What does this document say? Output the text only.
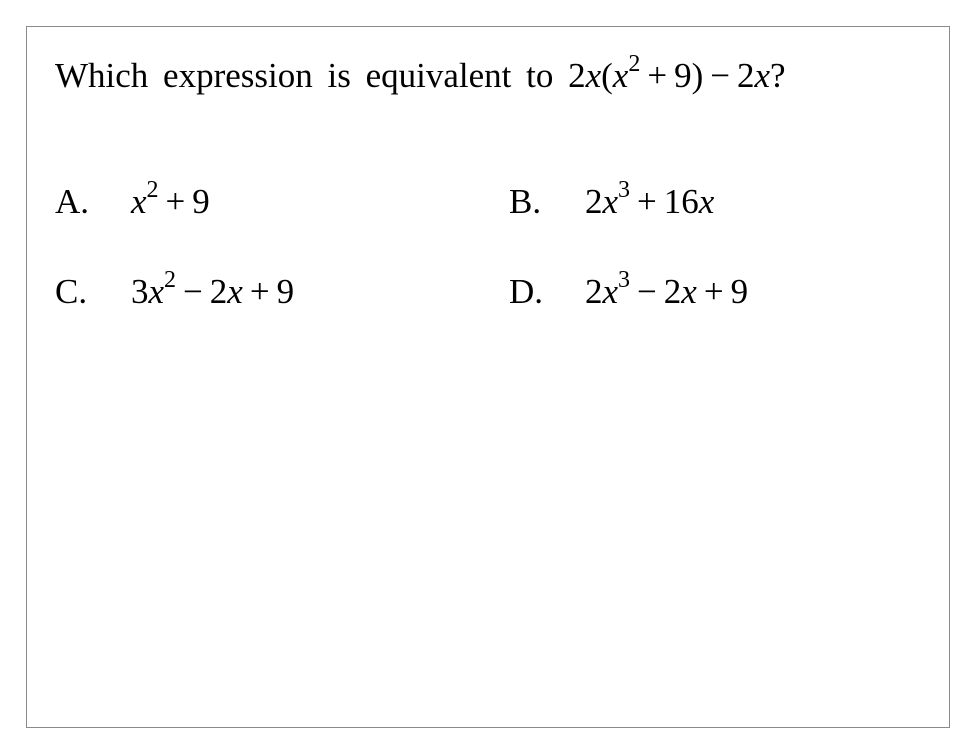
Which expression is equivalent to $2x(x^2 + 9) - 2x$?
A. $x^2 + 9$	B. $2x^3 + 16x$
C. $3x^2 - 2x + 9$	D. $2x^3 - 2x + 9$
